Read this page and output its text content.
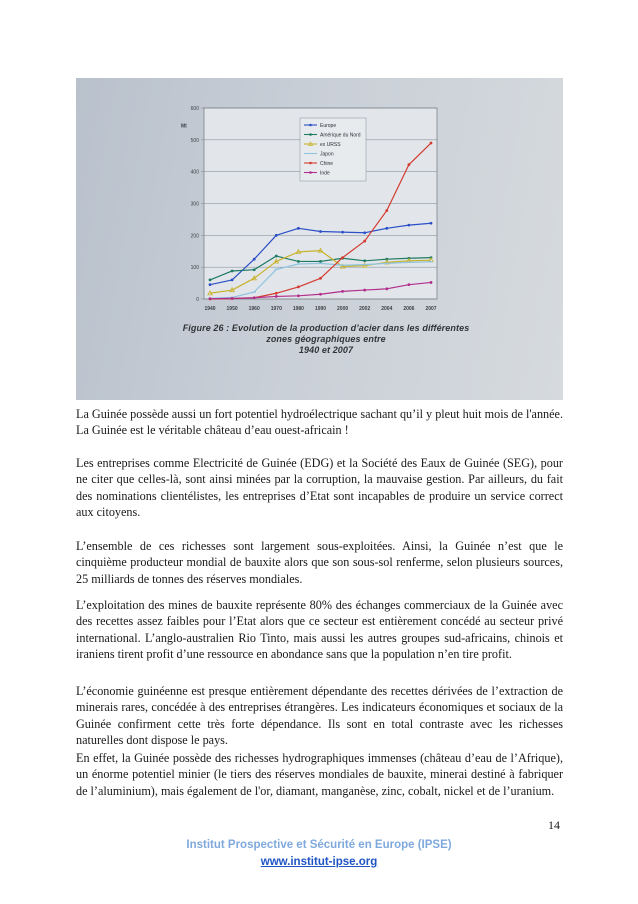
0
100
200
300
400
500
600
Mt
1940 1950 1960 1970 1980 1990 2000 2002 2004 2006 2007
Europe
Amérique du Nord
ex URSS
Japon
Chine
Inde
Figure 26 : Evolution de la production d’acier dans les différentes zones géographiques entre
1940 et 2007

La Guinée possède aussi un fort potentiel hydroélectrique sachant qu’il y pleut huit mois de l'année. La Guinée est le véritable château d’eau ouest-africain !

Les entreprises comme Electricité de Guinée (EDG) et la Société des Eaux de Guinée (SEG), pour ne citer que celles-là, sont ainsi minées par la corruption, la mauvaise gestion. Par ailleurs, du fait des nominations clientélistes, les entreprises d’Etat sont incapables de produire un service correct aux citoyens.

L’ensemble de ces richesses sont largement sous-exploitées. Ainsi, la Guinée n’est que le cinquième producteur mondial de bauxite alors que son sous-sol renferme, selon plusieurs sources, 25 milliards de tonnes des réserves mondiales.

L’exploitation des mines de bauxite représente 80% des échanges commerciaux de la Guinée avec des recettes assez faibles pour l’Etat alors que ce secteur est entièrement concédé au secteur privé international. L’anglo-australien Rio Tinto, mais aussi les autres groupes sud-africains, chinois et iraniens tirent profit d’une ressource en abondance sans que la population n’en tire profit.

L’économie guinéenne est presque entièrement dépendante des recettes dérivées de l’extraction de minerais rares, concédée à des entreprises étrangères. Les indicateurs économiques et sociaux de la Guinée confirment cette très forte dépendance. Ils sont en total contraste avec les richesses naturelles dont dispose le pays.

En effet, la Guinée possède des richesses hydrographiques immenses (château d’eau de l’Afrique), un énorme potentiel minier (le tiers des réserves mondiales de bauxite, minerai destiné à fabriquer de l’aluminium), mais également de l'or, diamant, manganèse, zinc, cobalt, nickel et de l’uranium.

14
Institut Prospective et Sécurité en Europe (IPSE)
www.institut-ipse.org
